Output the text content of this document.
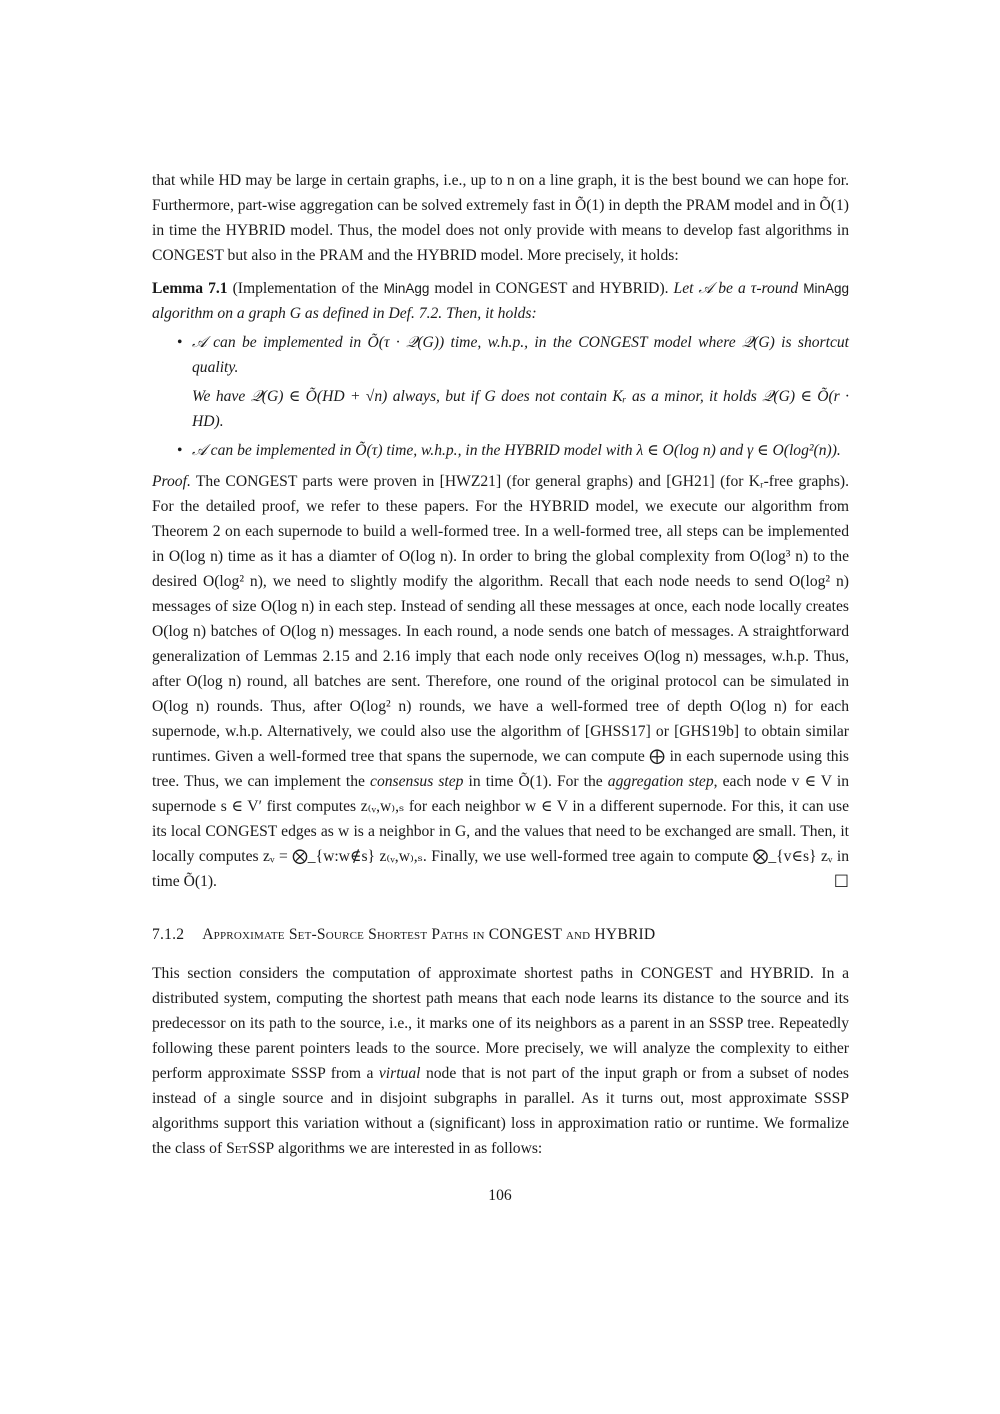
that while HD may be large in certain graphs, i.e., up to n on a line graph, it is the best bound we can hope for. Furthermore, part-wise aggregation can be solved extremely fast in Õ(1) in depth the PRAM model and in Õ(1) in time the HYBRID model. Thus, the model does not only provide with means to develop fast algorithms in CONGEST but also in the PRAM and the HYBRID model. More precisely, it holds:

Lemma 7.1 (Implementation of the MinAgg model in CONGEST and HYBRID). Let 𝒜 be a τ-round MinAgg algorithm on a graph G as defined in Def. 7.2. Then, it holds:

• 𝒜 can be implemented in Õ(τ · 𝒬(G)) time, w.h.p., in the CONGEST model where 𝒬(G) is shortcut quality.

We have 𝒬(G) ∈ Õ(HD + √n) always, but if G does not contain Kᵣ as a minor, it holds 𝒬(G) ∈ Õ(r · HD).

• 𝒜 can be implemented in Õ(τ) time, w.h.p., in the HYBRID model with λ ∈ O(log n) and γ ∈ O(log²(n)).

Proof. The CONGEST parts were proven in [HWZ21] (for general graphs) and [GH21] (for Kᵣ-free graphs). For the detailed proof, we refer to these papers. For the HYBRID model, we execute our algorithm from Theorem 2 on each supernode to build a well-formed tree. In a well-formed tree, all steps can be implemented in O(log n) time as it has a diamter of O(log n). In order to bring the global complexity from O(log³ n) to the desired O(log² n), we need to slightly modify the algorithm. Recall that each node needs to send O(log² n) messages of size O(log n) in each step. Instead of sending all these messages at once, each node locally creates O(log n) batches of O(log n) messages. In each round, a node sends one batch of messages. A straightforward generalization of Lemmas 2.15 and 2.16 imply that each node only receives O(log n) messages, w.h.p. Thus, after O(log n) round, all batches are sent. Therefore, one round of the original protocol can be simulated in O(log n) rounds. Thus, after O(log² n) rounds, we have a well-formed tree of depth O(log n) for each supernode, w.h.p. Alternatively, we could also use the algorithm of [GHSS17] or [GHS19b] to obtain similar runtimes. Given a well-formed tree that spans the supernode, we can compute ⨁ in each supernode using this tree. Thus, we can implement the consensus step in time Õ(1). For the aggregation step, each node v ∈ V in supernode s ∈ V′ first computes z₍ᵥ,w₎,ₛ for each neighbor w ∈ V in a different supernode. For this, it can use its local CONGEST edges as w is a neighbor in G, and the values that need to be exchanged are small. Then, it locally computes zᵥ = ⨂_{w:w∉s} z₍ᵥ,w₎,ₛ. Finally, we use well-formed tree again to compute ⨂_{v∈s} zᵥ in time Õ(1).	☐

7.1.2 Approximate Set-Source Shortest Paths in CONGEST and HYBRID

This section considers the computation of approximate shortest paths in CONGEST and HYBRID. In a distributed system, computing the shortest path means that each node learns its distance to the source and its predecessor on its path to the source, i.e., it marks one of its neighbors as a parent in an SSSP tree. Repeatedly following these parent pointers leads to the source. More precisely, we will analyze the complexity to either perform approximate SSSP from a virtual node that is not part of the input graph or from a subset of nodes instead of a single source and in disjoint subgraphs in parallel. As it turns out, most approximate SSSP algorithms support this variation without a (significant) loss in approximation ratio or runtime. We formalize the class of SetSSP algorithms we are interested in as follows:

106
